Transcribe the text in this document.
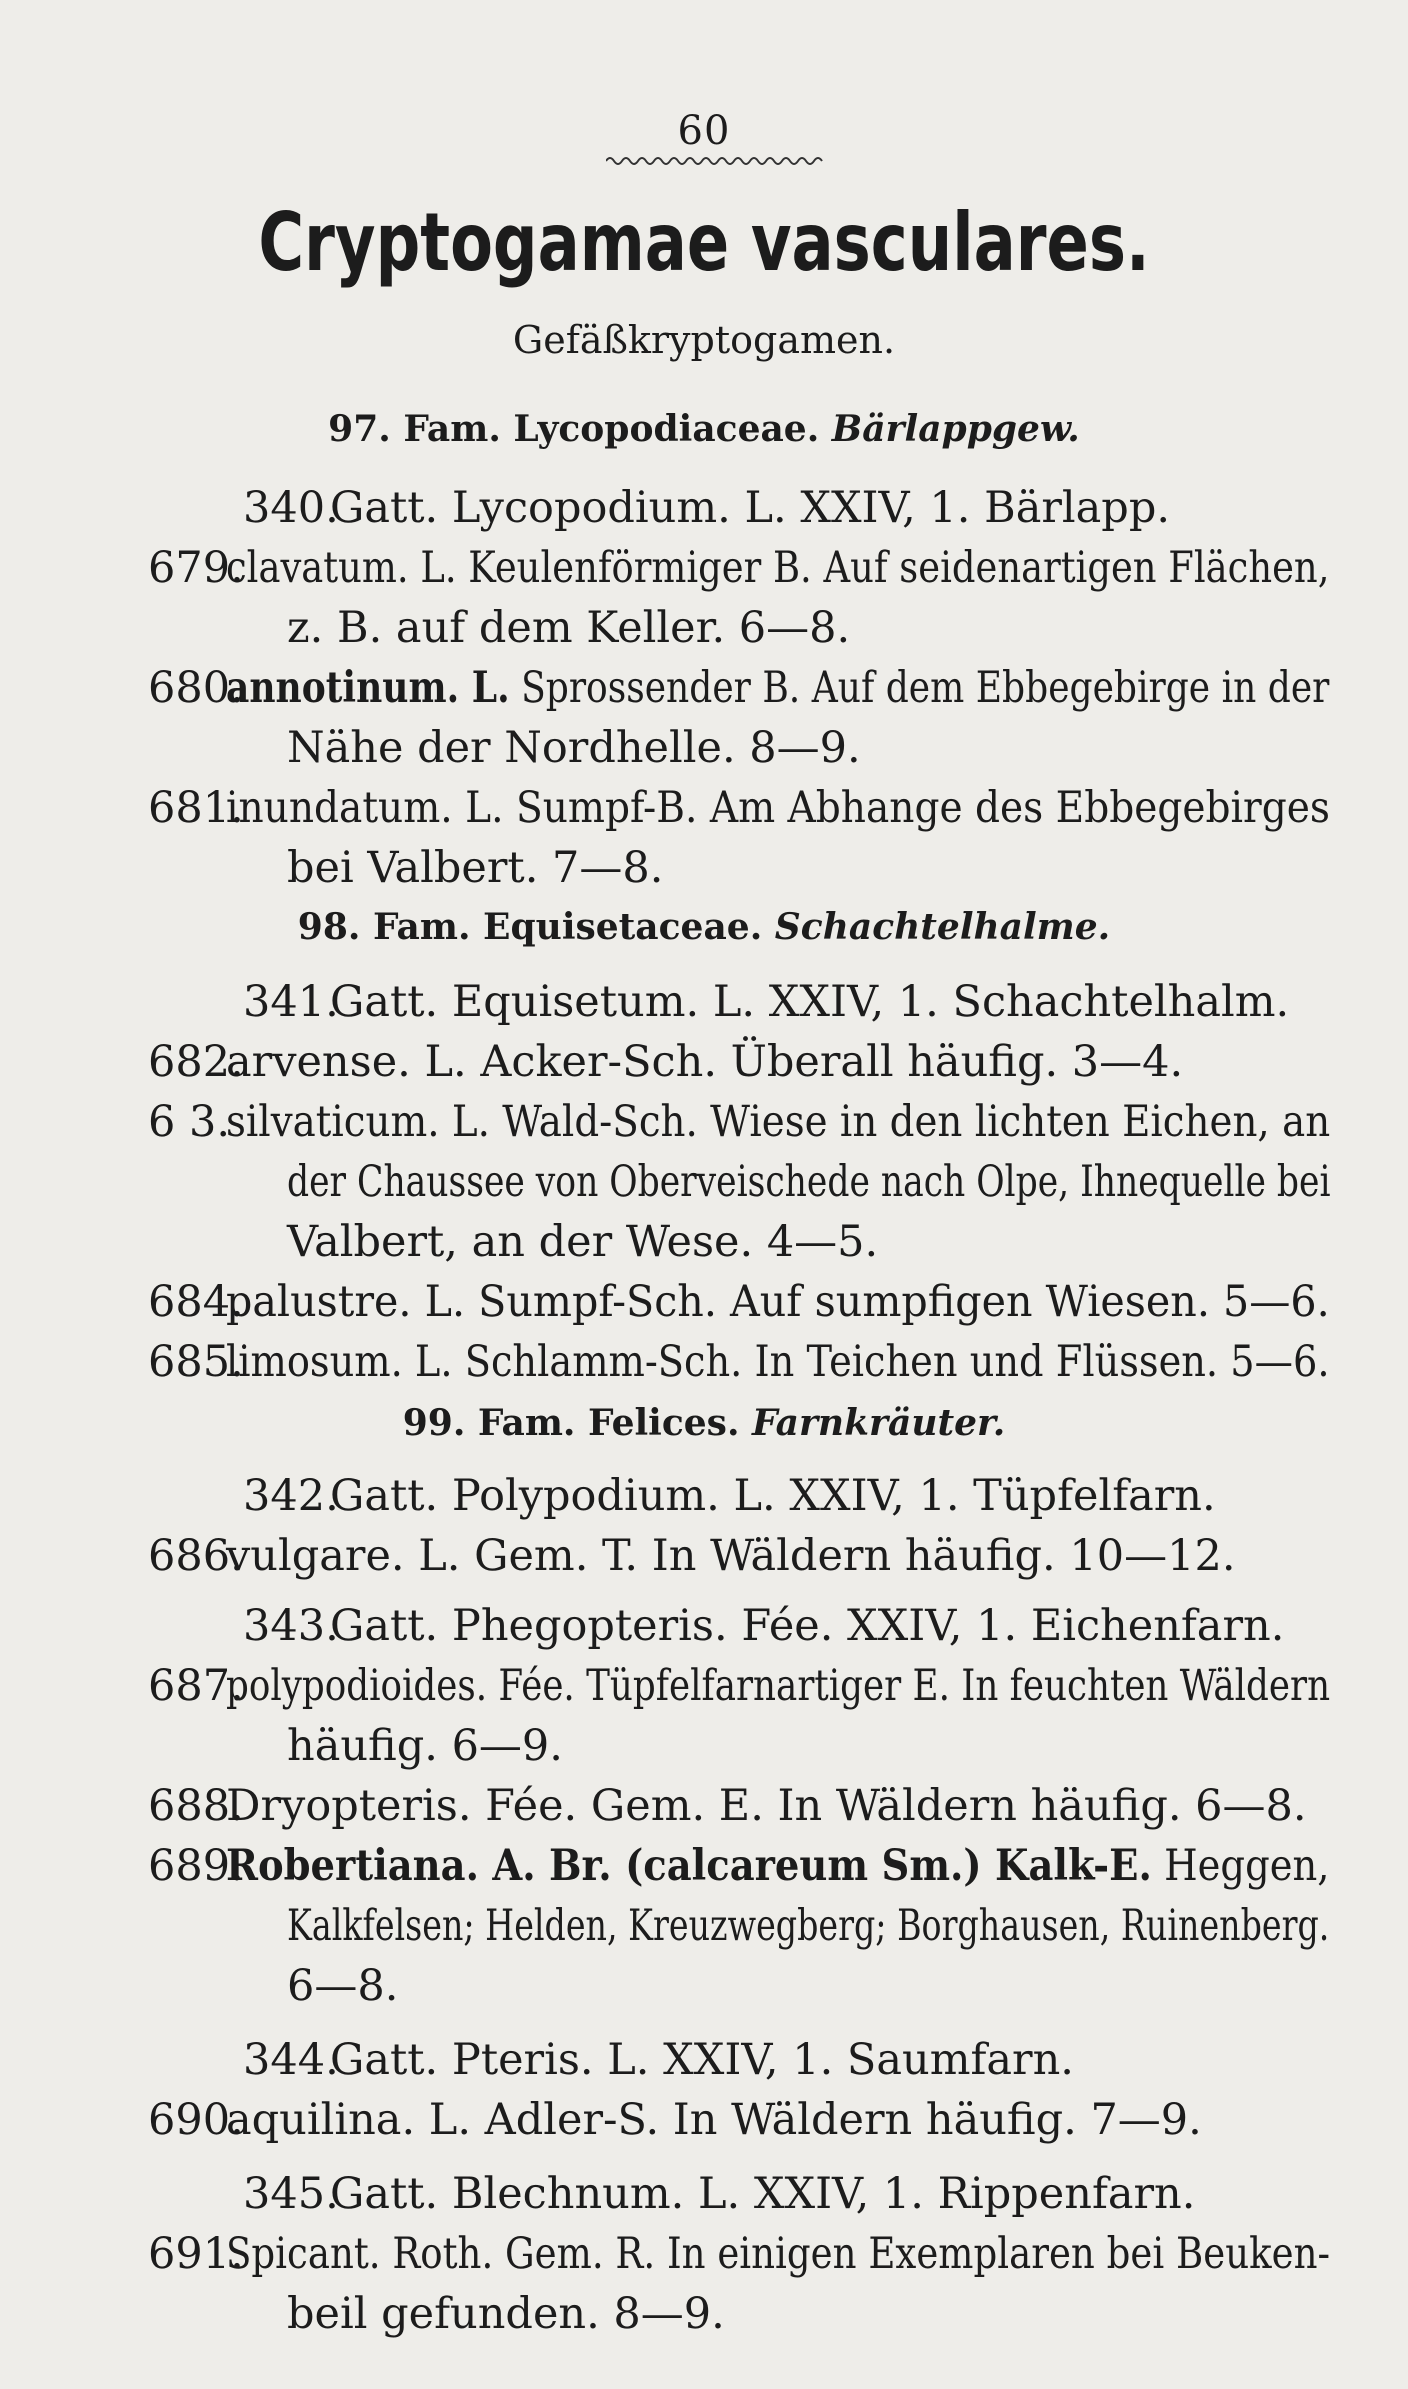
60
Cryptogamae vasculares.
Gefäßkryptogamen.
97. Fam. Lycopodiaceae. Bärlappgew.
340.
Gatt. Lycopodium. L. XXIV, 1. Bärlapp.
679.
clavatum. L. Keulenförmiger B. Auf seidenartigen Flächen,
z. B. auf dem Keller. 6—8.
680.
annotinum. L. Sprossender B. Auf dem Ebbegebirge in der
Nähe der Nordhelle. 8—9.
681.
inundatum. L. Sumpf-B. Am Abhange des Ebbegebirges
bei Valbert. 7—8.
98. Fam. Equisetaceae. Schachtelhalme.
341.
Gatt. Equisetum. L. XXIV, 1. Schachtelhalm.
682.
arvense. L. Acker-Sch. Überall häufig. 3—4.
6 3.
silvaticum. L. Wald-Sch. Wiese in den lichten Eichen, an
der Chaussee von Oberveischede nach Olpe, Ihnequelle bei
Valbert, an der Wese. 4—5.
684.
palustre. L. Sumpf-Sch. Auf sumpfigen Wiesen. 5—6.
685.
limosum. L. Schlamm-Sch. In Teichen und Flüssen. 5—6.
99. Fam. Felices. Farnkräuter.
342.
Gatt. Polypodium. L. XXIV, 1. Tüpfelfarn.
686.
vulgare. L. Gem. T. In Wäldern häufig. 10—12.
343.
Gatt. Phegopteris. Fée. XXIV, 1. Eichenfarn.
687.
polypodioides. Fée. Tüpfelfarnartiger E. In feuchten Wäldern
häufig. 6—9.
688.
Dryopteris. Fée. Gem. E. In Wäldern häufig. 6—8.
689.
Robertiana. A. Br. (calcareum Sm.) Kalk-E. Heggen,
Kalkfelsen; Helden, Kreuzwegberg; Borghausen, Ruinenberg.
6—8.
344.
Gatt. Pteris. L. XXIV, 1. Saumfarn.
690.
aquilina. L. Adler-S. In Wäldern häufig. 7—9.
345.
Gatt. Blechnum. L. XXIV, 1. Rippenfarn.
691.
Spicant. Roth. Gem. R. In einigen Exemplaren bei Beuken-
beil gefunden. 8—9.
